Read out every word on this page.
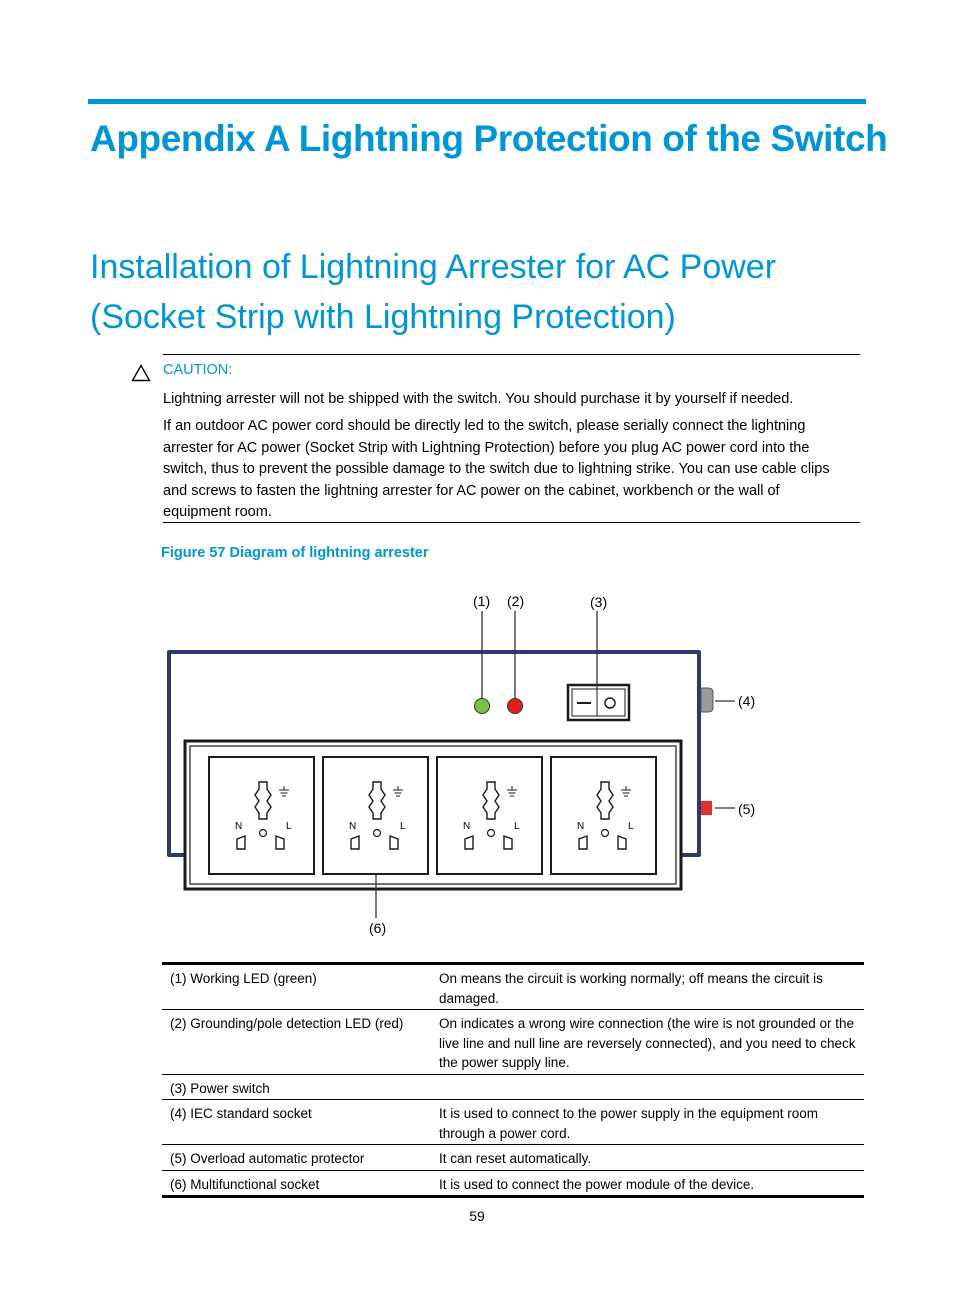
Appendix A Lightning Protection of the Switch
Installation of Lightning Arrester for AC Power
(Socket Strip with Lightning Protection)
CAUTION:
Lightning arrester will not be shipped with the switch. You should purchase it by yourself if needed.
If an outdoor AC power cord should be directly led to the switch, please serially connect the lightning
arrester for AC power (Socket Strip with Lightning Protection) before you plug AC power cord into the
switch, thus to prevent the possible damage to the switch due to lightning strike. You can use cable clips
and screws to fasten the lightning arrester for AC power on the cabinet, workbench or the wall of
equipment room.
Figure 57 Diagram of lightning arrester
(1) (2)	(3)
(4)
(5)
(6)
N	L	N	L	N	L	N	L
(1) Working LED (green)	On means the circuit is working normally; off means the circuit is damaged.
(2) Grounding/pole detection LED (red)	On indicates a wrong wire connection (the wire is not grounded or the live line and null line are reversely connected), and you need to check the power supply line.
(3) Power switch	
(4) IEC standard socket	It is used to connect to the power supply in the equipment room through a power cord.
(5) Overload automatic protector	It can reset automatically.
(6) Multifunctional socket	It is used to connect the power module of the device.
59
